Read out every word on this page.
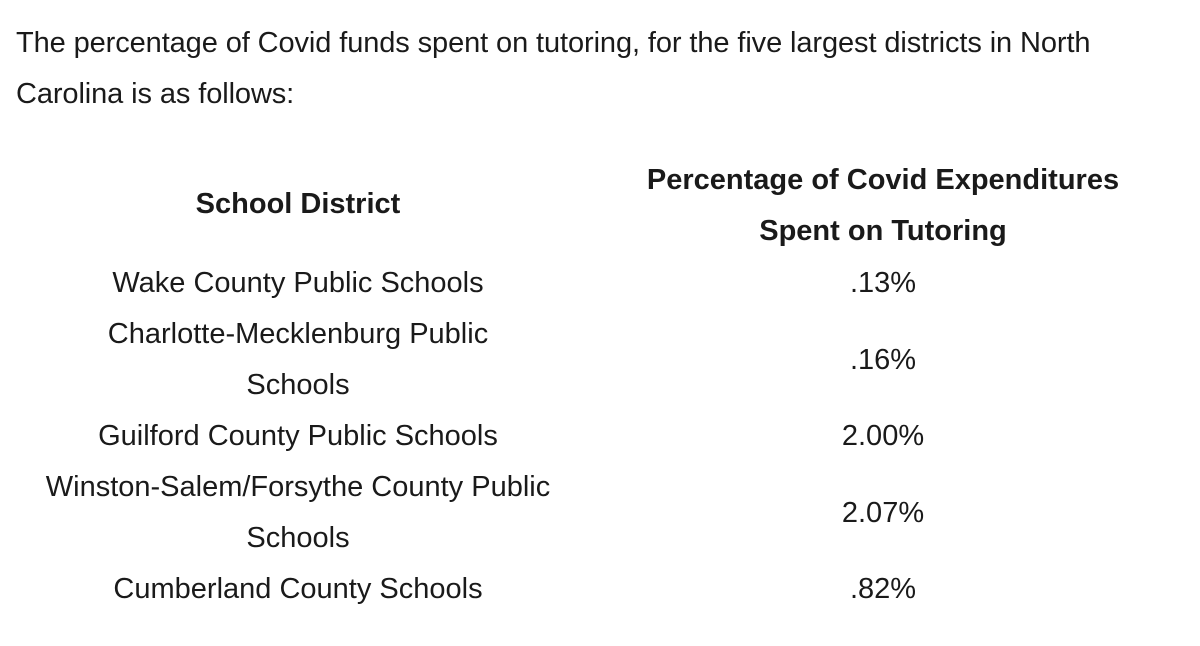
The percentage of Covid funds spent on tutoring, for the five largest districts in North Carolina is as follows:

School District	Percentage of Covid Expenditures Spent on Tutoring

Wake County Public Schools	.13%

Charlotte-Mecklenburg Public Schools	.16%
Guilford County Public Schools	2.00%

Winston-Salem/Forsythe County Public Schools	2.07%
Cumberland County Schools	.82%
